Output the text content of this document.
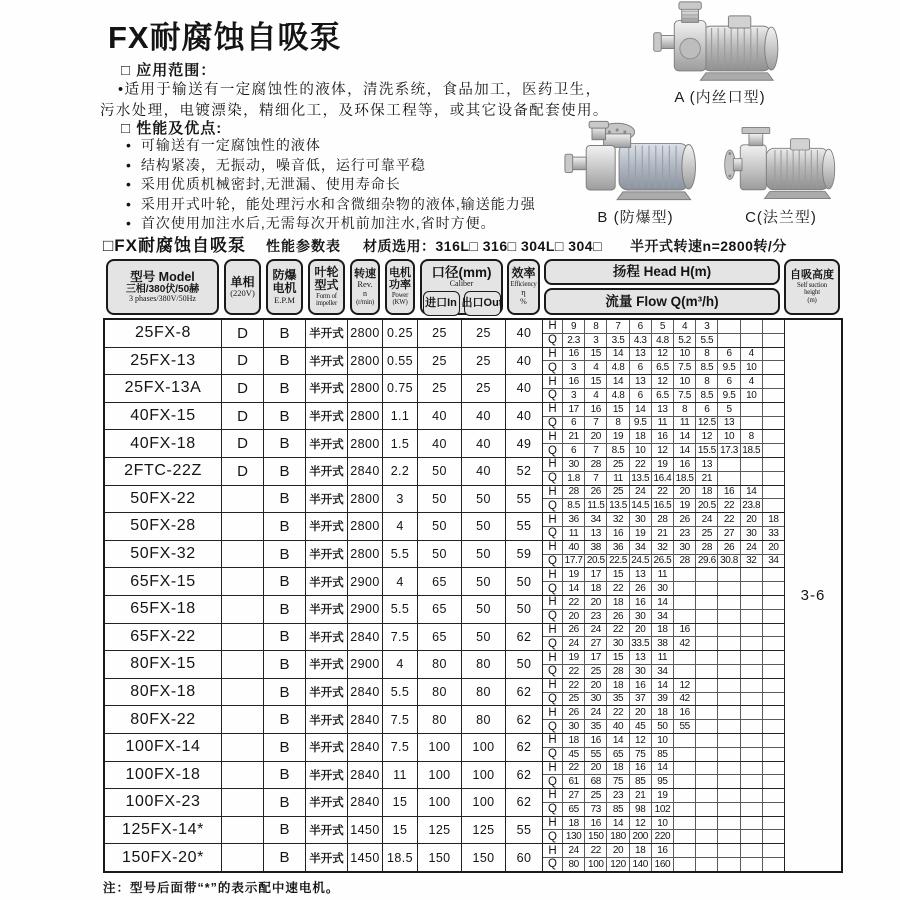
FX耐腐蚀自吸泵
□ 应用范围：
•适用于输送有一定腐蚀性的液体，清洗系统，食品加工，医药卫生，
污水处理，电镀漂染，精细化工，及环保工程等，或其它设备配套使用。
□ 性能及优点:
• 可输送有一定腐蚀性的液体
• 结构紧凑，无振动，噪音低，运行可靠平稳
• 采用优质机械密封,无泄漏、使用寿命长
• 采用开式叶轮，能处理污水和含微细杂物的液体,输送能力强
• 首次使用加注水后,无需每次开机前加注水,省时方便。
A (内丝口型)
B (防爆型)	C(法兰型)
□FX耐腐蚀自吸泵 性能参数表 材质选用：316L□ 316□ 304L□ 304□ 半开式转速n=2800转/分
型号 Model
三相/380伏/50赫
3 phases/380V/50Hz
单相
(220V)
防爆
电机
E.P.M
叶轮
型式
Form of
impeller
转速
Rev.
n
(r/min)
电机
功率
Power
(KW)
口径(mm)
Caliber
进口In 出口Out
效率
Efficiency
η
%
扬程 Head H(m)
流量 Flow Q(m³/h)
自吸高度
Self suction
height
(m)
25FX-8	D	B	半开式 2800 0.25	25	25	40	H	9	8	7	6	5	4	3
Q	2.3	3	3.5 4.3 4.8 5.2 5.5
25FX-13	D	B	半开式 2800 0.55	25	25	40	H	16	15	14	13	12	10	8	6	4
Q	3	4	4.8	6	6.5 7.5 8.5 9.5	10
25FX-13A	D	B	半开式 2800 0.75	25	25	40	H	16	15	14	13	12	10	8	6	4
Q	3	4	4.8	6	6.5 7.5 8.5 9.5	10
40FX-15	D	B	半开式 2800 1.1	40	40	40	H	17	16	15	14	13	8	6	5
Q	6	7	8	9.5	11	11 12.5 13
40FX-18	D	B	半开式 2800 1.5	40	40	49	H	21	20	19	18	16	14	12	10	8
Q	6	7	8.5	10	12	14 15.5 17.3 18.5
2FTC-22Z	D	B	半开式 2840 2.2	50	40	52	H	30	28	25	22	19	16	13
Q	1.8	7	11 13.5 16.4 18.5 21
50FX-22	B	半开式 2800	3	50	50	55	H	28	26	25	24	22	20	18	16	14
Q	8.5 11.5 13.5 14.5 16.5 19 20.5 22 23.8
50FX-28	B	半开式 2800	4	50	50	55	H	36	34	32	30	28	26	24	22	20	18
Q	11	13	16	19	21	23	25	27	30	33
50FX-32	B	半开式 2800 5.5	50	50	59	H	40	38	36	34	32	30	28	26	24	20
Q 17.7 20.5 22.5 24.5 26.5 28 29.6 30.8 32	34
65FX-15	B	半开式 2900	4	65	50	50	H	19	17	15	13	11
Q	14	18	22	26	30
65FX-18	B	半开式 2900 5.5	65	50	50	H	22	20	18	16	14
Q	20	23	26	30	34
65FX-22	B	半开式 2840 7.5	65	50	62	H	26	24	22	20	18	16
Q	24	27	30 33.5 38	42
80FX-15	B	半开式 2900	4	80	80	50	H	19	17	15	13	11
Q	22	25	28	30	34
80FX-18	B	半开式 2840 5.5	80	80	62	H	22	20	18	16	14	12
Q	25	30	35	37	39	42
80FX-22	B	半开式 2840 7.5	80	80	62	H	26	24	22	20	18	16
Q	30	35	40	45	50	55
100FX-14	B	半开式 2840 7.5	100	100	62	H	18	16	14	12	10
Q	45	55	65	75	85
100FX-18	B	半开式 2840	11	100	100	62	H	22	20	18	16	14
Q	61	68	75	85	95
100FX-23	B	半开式 2840	15	100	100	62	H	27	25	23	21	19
Q	65	73	85	98 102
125FX-14*	B	半开式 1450	15	125	125	55	H	18	16	14	12	10
Q 130 150 180 200 220
150FX-20*	B	半开式 1450 18.5	150	150	60	H	24	22	20	18	16
Q	80 100 120 140 160
3-6
注：型号后面带“*”的表示配中速电机。
